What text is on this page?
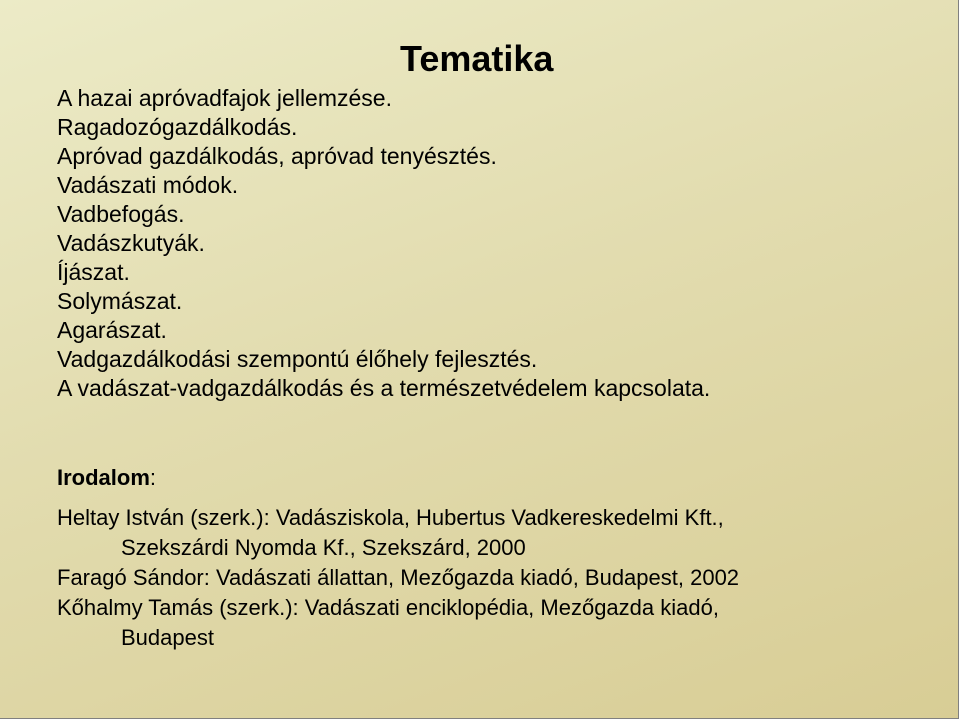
Tematika
A hazai apróvadfajok jellemzése.
Ragadozógazdálkodás.
Apróvad gazdálkodás, apróvad tenyésztés.
Vadászati módok.
Vadbefogás.
Vadászkutyák.
Íjászat.
Solymászat.
Agarászat.
Vadgazdálkodási szempontú élőhely fejlesztés.
A vadászat-vadgazdálkodás és a természetvédelem kapcsolata.
Irodalom:
Heltay István (szerk.): Vadásziskola, Hubertus Vadkereskedelmi Kft.,
Szekszárdi Nyomda Kf., Szekszárd, 2000
Faragó Sándor: Vadászati állattan, Mezőgazda kiadó, Budapest, 2002
Kőhalmy Tamás (szerk.): Vadászati enciklopédia, Mezőgazda kiadó,
Budapest
